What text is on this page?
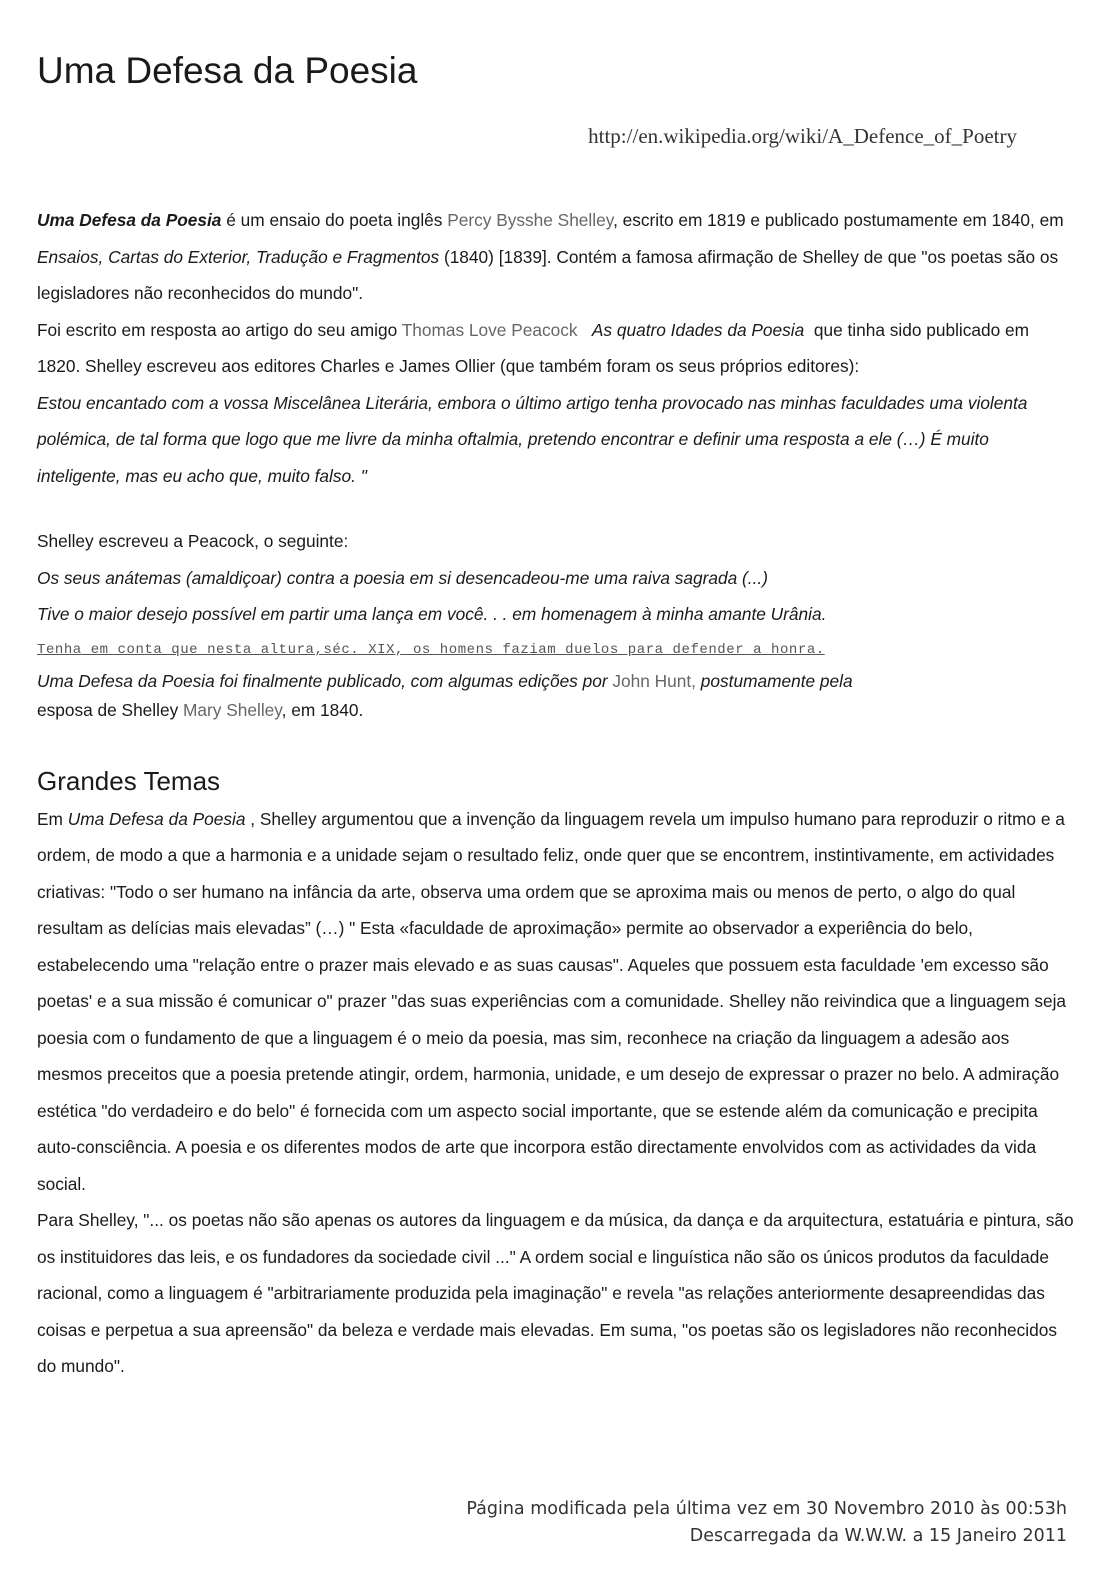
Uma Defesa da Poesia
http://en.wikipedia.org/wiki/A_Defence_of_Poetry

Uma Defesa da Poesia é um ensaio do poeta inglês Percy Bysshe Shelley, escrito em 1819 e publicado postumamente em 1840, em Ensaios, Cartas do Exterior, Tradução e Fragmentos (1840) [1839]. Contém a famosa afirmação de Shelley de que "os poetas são os legisladores não reconhecidos do mundo".

Foi escrito em resposta ao artigo do seu amigo Thomas Love Peacock As quatro Idades da Poesia  que tinha sido publicado em 1820. Shelley escreveu aos editores Charles e James Ollier (que também foram os seus próprios editores):

Estou encantado com a vossa Miscelânea Literária, embora o último artigo tenha provocado nas minhas faculdades uma violenta polémica, de tal forma que logo que me livre da minha oftalmia, pretendo encontrar e definir uma resposta a ele (…) É muito inteligente, mas eu acho que, muito falso. "

Shelley escreveu a Peacock, o seguinte:

Os seus anátemas (amaldiçoar) contra a poesia em si desencadeou-me uma raiva sagrada (...)

Tive o maior desejo possível em partir uma lança em você. . . em homenagem à minha amante Urânia.

Tenha em conta que nesta altura,séc. XIX, os homens faziam duelos para defender a honra.

Uma Defesa da Poesia foi finalmente publicado, com algumas edições por John Hunt, postumamente pela
esposa de Shelley Mary Shelley, em 1840.

Grandes Temas

Em Uma Defesa da Poesia , Shelley argumentou que a invenção da linguagem revela um impulso humano para reproduzir o ritmo e a ordem, de modo a que a harmonia e a unidade sejam o resultado feliz, onde quer que se encontrem, instintivamente, em actividades criativas: "Todo o ser humano na infância da arte, observa uma ordem que se aproxima mais ou menos de perto, o algo do qual resultam as delícias mais elevadas” (…) " Esta «faculdade de aproximação» permite ao observador a experiência do belo, estabelecendo uma "relação entre o prazer mais elevado e as suas causas". Aqueles que possuem esta faculdade 'em excesso são poetas' e a sua missão é comunicar o" prazer "das suas experiências com a comunidade. Shelley não reivindica que a linguagem seja poesia com o fundamento de que a linguagem é o meio da poesia, mas sim, reconhece na criação da linguagem a adesão aos mesmos preceitos que a poesia pretende atingir, ordem, harmonia, unidade, e um desejo de expressar o prazer no belo. A admiração estética "do verdadeiro e do belo" é fornecida com um aspecto social importante, que se estende além da comunicação e precipita auto-consciência. A poesia e os diferentes modos de arte que incorpora estão directamente envolvidos com as actividades da vida social.

Para Shelley, "... os poetas não são apenas os autores da linguagem e da música, da dança e da arquitectura, estatuária e pintura, são os instituidores das leis, e os fundadores da sociedade civil ..." A ordem social e linguística não são os únicos produtos da faculdade racional, como a linguagem é "arbitrariamente produzida pela imaginação" e revela "as relações anteriormente desapreendidas das coisas e perpetua a sua apreensão" da beleza e verdade mais elevadas. Em suma, "os poetas são os legisladores não reconhecidos do mundo".

Página modificada pela última vez em 30 Novembro 2010 às 00:53h
Descarregada da W.W.W. a 15 Janeiro 2011
